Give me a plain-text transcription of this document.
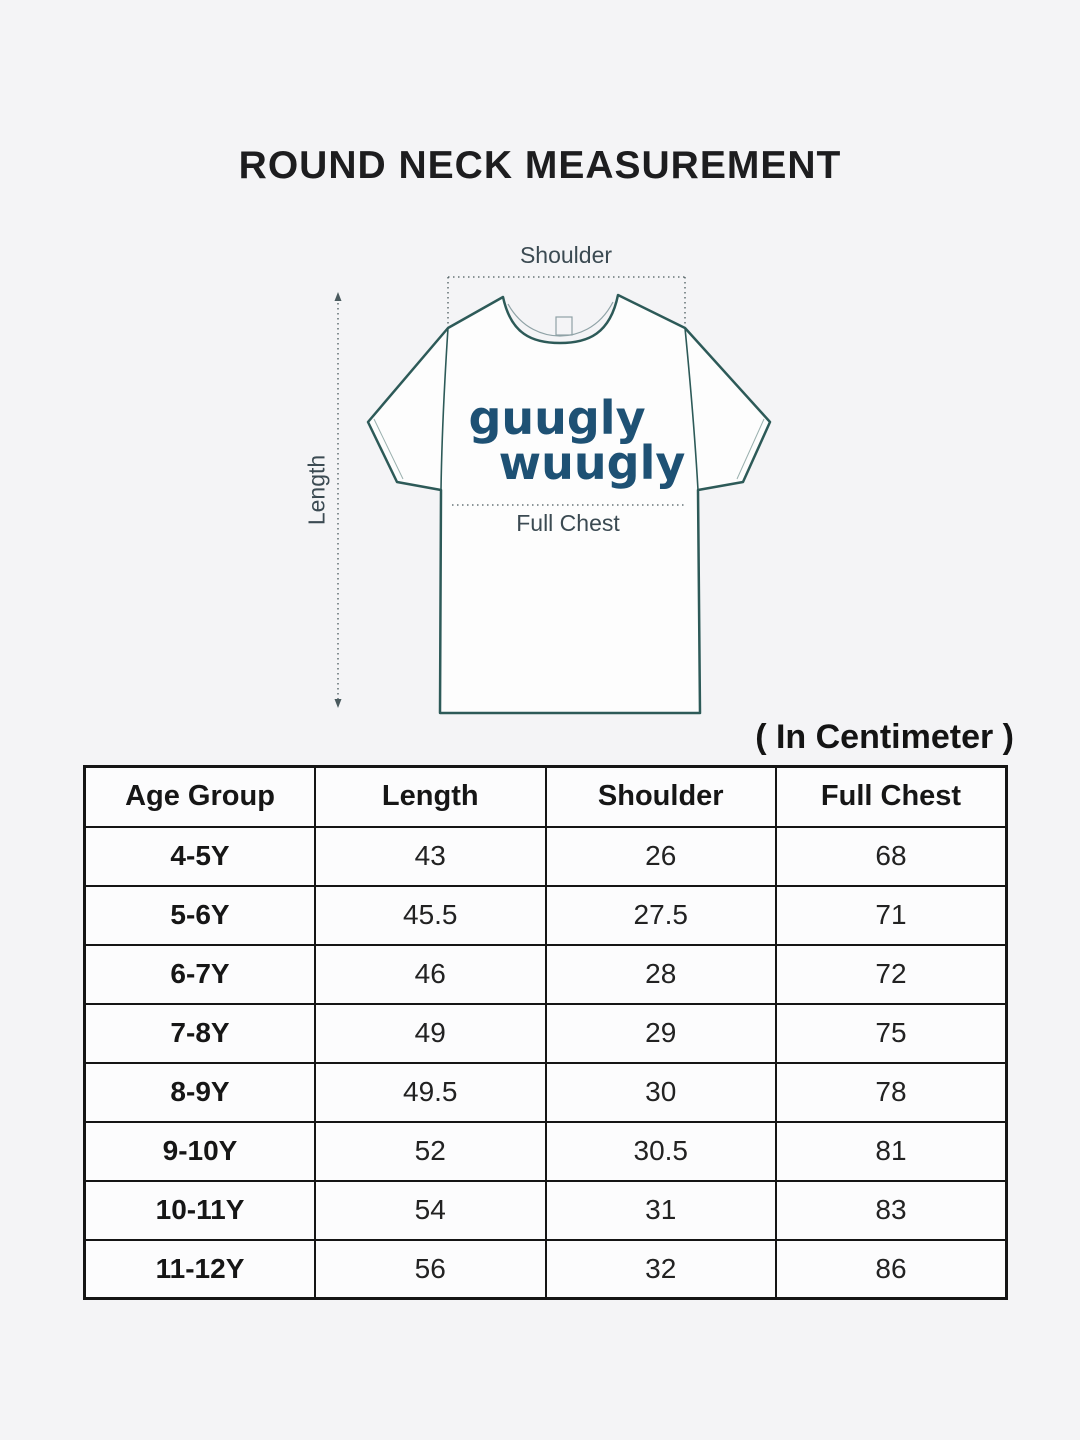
ROUND NECK MEASUREMENT
Shoulder
Length	Full Chest
guugly
wuugly
( In Centimeter )
Age Group	Length	Shoulder	Full Chest
4-5Y	43	26	68
5-6Y	45.5	27.5	71
6-7Y	46	28	72
7-8Y	49	29	75
8-9Y	49.5	30	78
9-10Y	52	30.5	81
10-11Y	54	31	83
11-12Y	56	32	86
